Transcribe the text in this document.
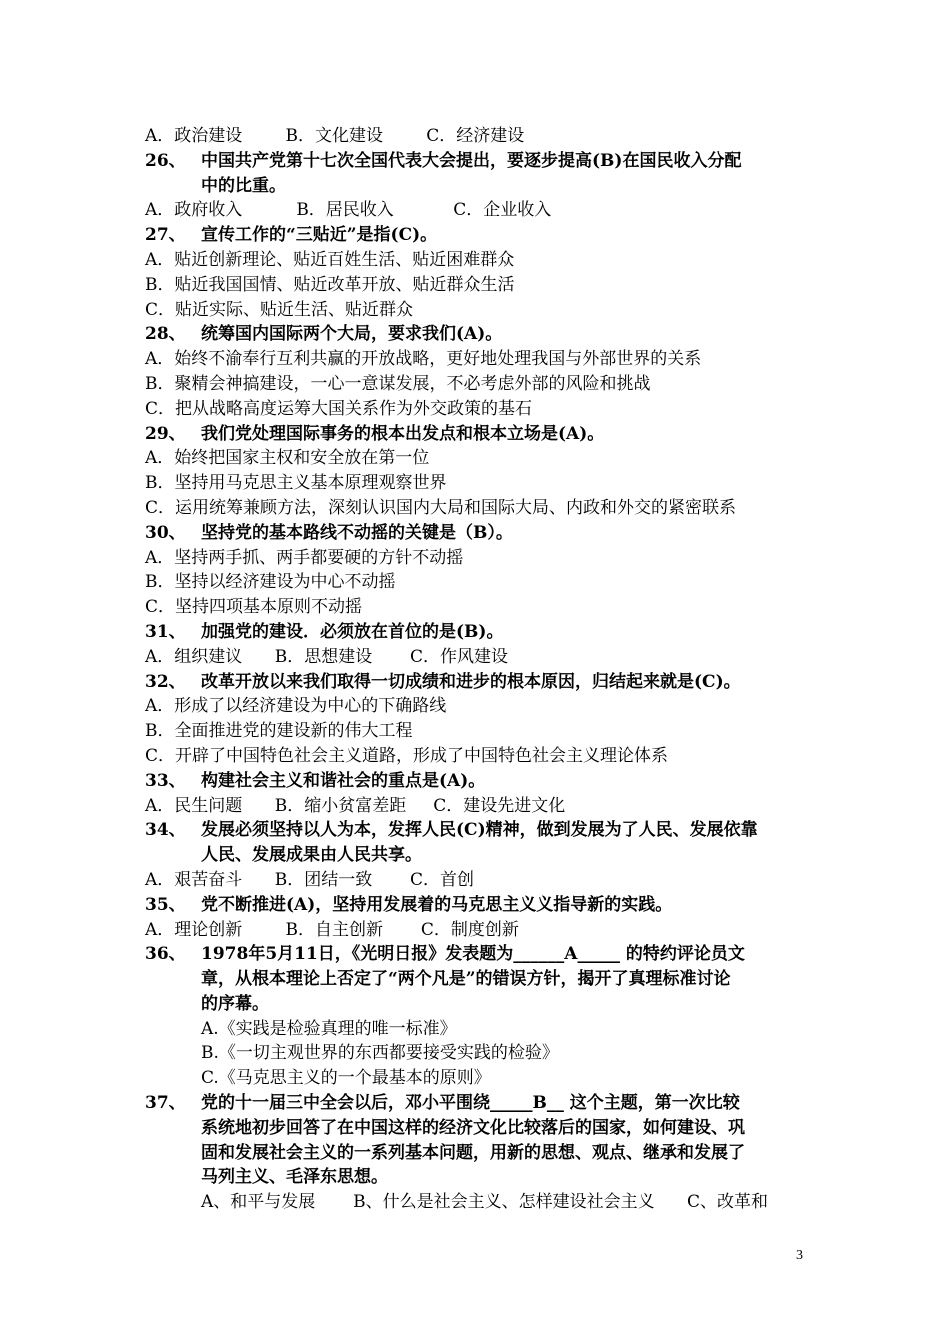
A．政治建设        B．文化建设        C．经济建设
26、 中国共产党第十七次全国代表大会提出，要逐步提高(B)在国民收入分配
中的比重。
A．政府收入          B．居民收入           C．企业收入
27、 宣传工作的“三贴近”是指(C)。
A．贴近创新理论、贴近百姓生活、贴近困难群众
B．贴近我国国情、贴近改革开放、贴近群众生活
C．贴近实际、贴近生活、贴近群众
28、 统筹国内国际两个大局，要求我们(A)。
A．始终不渝奉行互利共赢的开放战略，更好地处理我国与外部世界的关系
B．聚精会神搞建设，一心一意谋发展，不必考虑外部的风险和挑战
C．把从战略高度运筹大国关系作为外交政策的基石
29、 我们党处理国际事务的根本出发点和根本立场是(A)。
A．始终把国家主权和安全放在第一位
B．坚持用马克思主义基本原理观察世界
C．运用统筹兼顾方法，深刻认识国内大局和国际大局、内政和外交的紧密联系
30、 坚持党的基本路线不动摇的关键是（B）。
A．坚持两手抓、两手都要硬的方针不动摇
B．坚持以经济建设为中心不动摇
C．坚持四项基本原则不动摇
31、 加强党的建设．必须放在首位的是(B)。
A．组织建议      B．思想建设       C．作风建设
32、 改革开放以来我们取得一切成绩和进步的根本原因，归结起来就是(C)。
A．形成了以经济建设为中心的下确路线
B．全面推进党的建设新的伟大工程
C．开辟了中国特色社会主义道路，形成了中国特色社会主义理论体系
33、 构建社会主义和谐社会的重点是(A)。
A．民生问题      B．缩小贫富差距     C．建设先进文化
34、 发展必须坚持以人为本，发挥人民(C)精神，做到发展为了人民、发展依靠
人民、发展成果由人民共享。
A．艰苦奋斗      B．团结一致       C．首创
35、 党不断推进(A)，坚持用发展着的马克思主义义指导新的实践。
A．理论创新        B．自主创新       C．制度创新
36、 1978年5月11日，《光明日报》发表题为______A_____ 的特约评论员文
章，从根本理论上否定了“两个凡是”的错误方针，揭开了真理标准讨论
的序幕。
A.《实践是检验真理的唯一标准》
B.《一切主观世界的东西都要接受实践的检验》
C.《马克思主义的一个最基本的原则》
37、 党的十一届三中全会以后，邓小平围绕_____B__ 这个主题，第一次比较
系统地初步回答了在中国这样的经济文化比较落后的国家，如何建设、巩
固和发展社会主义的一系列基本问题，用新的思想、观点、继承和发展了
马列主义、毛泽东思想。
A、和平与发展       B、什么是社会主义、怎样建设社会主义      C、改革和
3
